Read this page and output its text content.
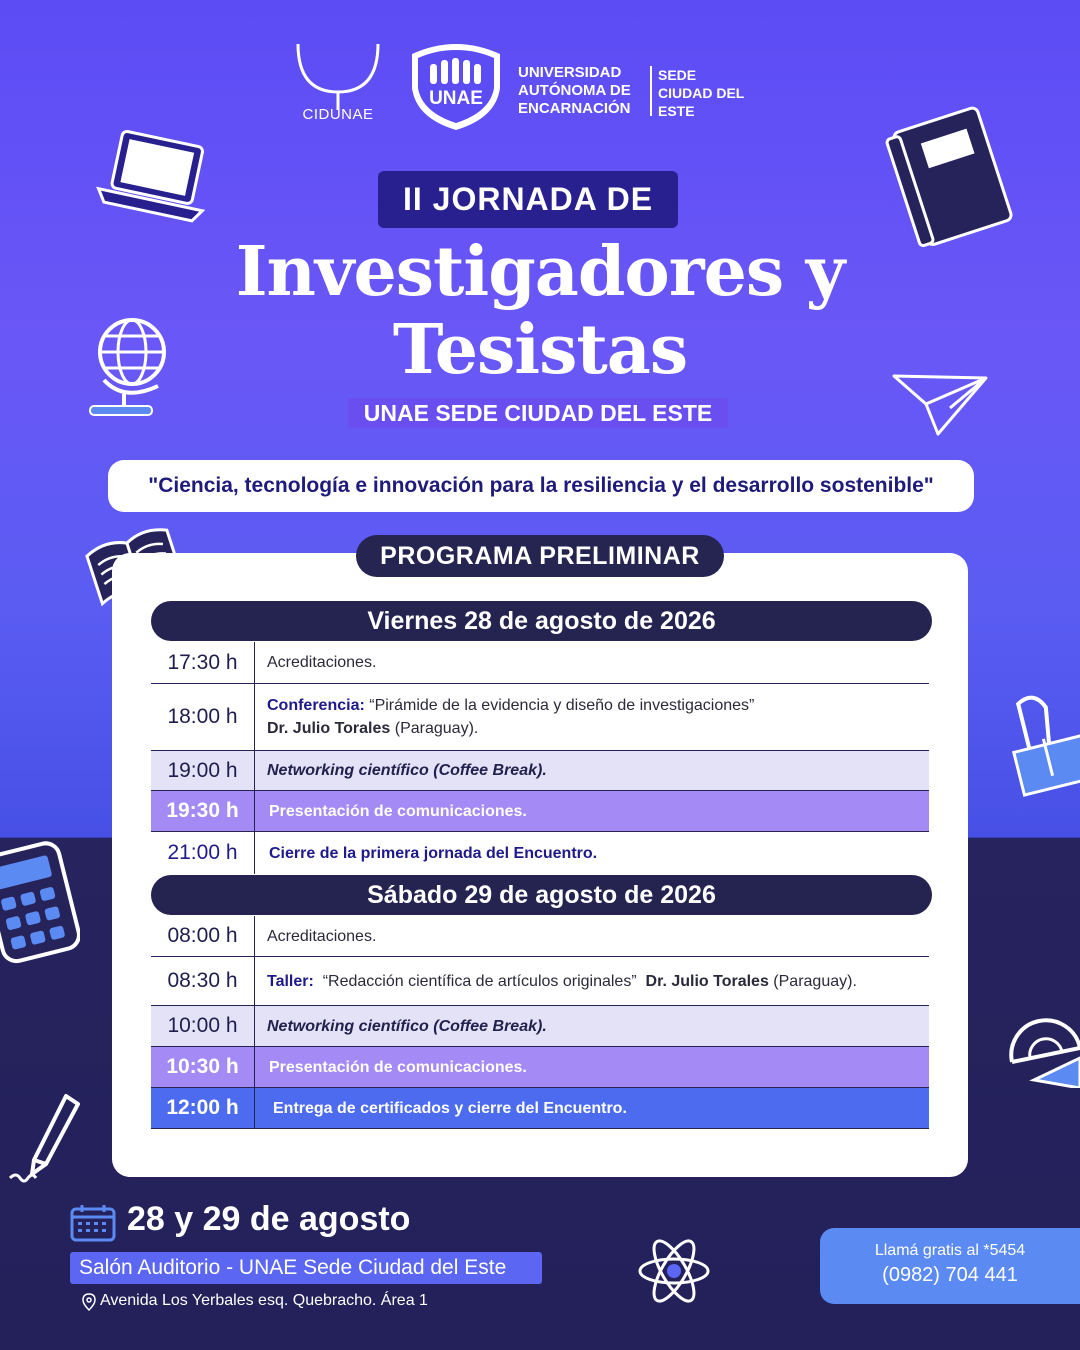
CIDUNAE
UNAE
UNIVERSIDAD
AUTÓNOMA DE
ENCARNACIÓN
SEDE
CIUDAD DEL
ESTE
II JORNADA DE
Investigadores y
Tesistas
UNAE SEDE CIUDAD DEL ESTE
"Ciencia, tecnología e innovación para la resiliencia y el desarrollo sostenible"
PROGRAMA PRELIMINAR
Viernes 28 de agosto de 2026
17:30 h	Acreditaciones.
18:00 h	Conferencia: “Pirámide de la evidencia y diseño de investigaciones”
Dr. Julio Torales (Paraguay).
19:00 h	Networking científico (Coffee Break).
19:30 h	Presentación de comunicaciones.
21:00 h	Cierre de la primera jornada del Encuentro.
Sábado 29 de agosto de 2026
08:00 h	Acreditaciones.
08:30 h	Taller:  “Redacción científica de artículos originales”  Dr. Julio Torales (Paraguay).
10:00 h	Networking científico (Coffee Break).
10:30 h	Presentación de comunicaciones.
12:00 h	Entrega de certificados y cierre del Encuentro.
28 y 29 de agosto
Salón Auditorio - UNAE Sede Ciudad del Este
Avenida Los Yerbales esq. Quebracho. Área 1
Llamá gratis al *5454
(0982) 704 441
